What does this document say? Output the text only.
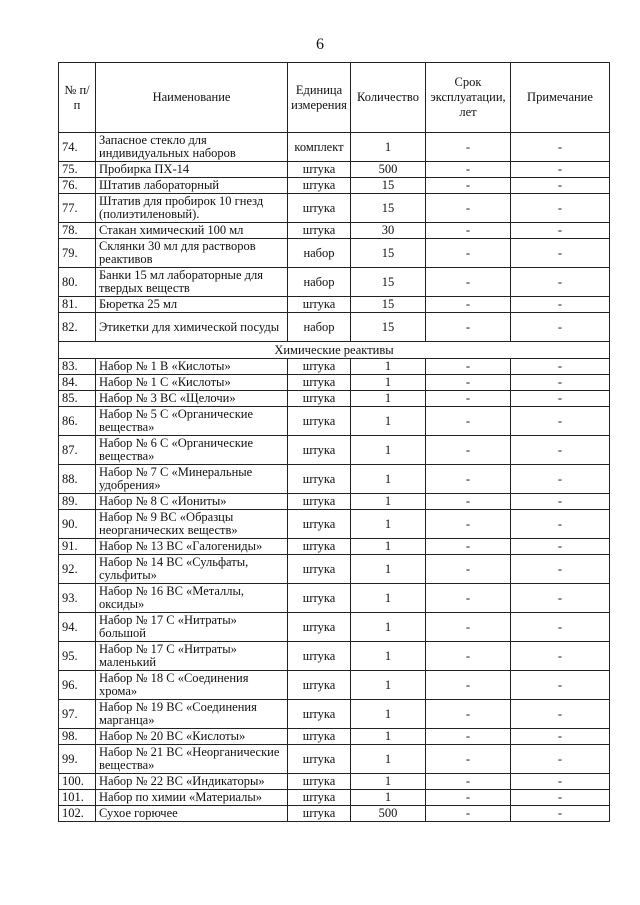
6
№ п/п	Наименование	Единица измерения	Количество	Срок эксплуатации, лет	Примечание
74.	Запасное стекло для индивидуальных наборов	комплект	1	-	-
75.	Пробирка ПХ-14	штука	500	-	-
76.	Штатив лабораторный	штука	15	-	-
77.	Штатив для пробирок 10 гнезд (полиэтиленовый).	штука	15	-	-
78.	Стакан химический 100 мл	штука	30	-	-
79.	Склянки 30 мл для растворов реактивов	набор	15	-	-
80.	Банки 15 мл лабораторные для твердых веществ	набор	15	-	-
81.	Бюретка 25 мл	штука	15	-	-
82.	Этикетки для химической посуды	набор	15	-	-
Химические реактивы					
83.	Набор № 1 В «Кислоты»	штука	1	-	-
84.	Набор № 1 С «Кислоты»	штука	1	-	-
85.	Набор № 3 ВС «Щелочи»	штука	1	-	-
86.	Набор № 5 С «Органические вещества»	штука	1	-	-
87.	Набор № 6 С «Органические вещества»	штука	1	-	-
88.	Набор № 7 С «Минеральные удобрения»	штука	1	-	-
89.	Набор № 8 С «Иониты»	штука	1	-	-
90.	Набор № 9 ВС «Образцы неорганических веществ»	штука	1	-	-
91.	Набор № 13 ВС «Галогениды»	штука	1	-	-
92.	Набор № 14 ВС «Сульфаты, сульфиты»	штука	1	-	-
93.	Набор № 16 ВС «Металлы, оксиды»	штука	1	-	-
94.	Набор № 17 С «Нитраты» большой	штука	1	-	-
95.	Набор № 17 С «Нитраты» маленький	штука	1	-	-
96.	Набор № 18 С «Соединения хрома»	штука	1	-	-
97.	Набор № 19 ВС «Соединения марганца»	штука	1	-	-
98.	Набор № 20 ВС «Кислоты»	штука	1	-	-
99.	Набор № 21 ВС «Неорганические вещества»	штука	1	-	-
100.	Набор № 22 ВС «Индикаторы»	штука	1	-	-
101.	Набор по химии «Материалы»	штука	1	-	-
102.	Сухое горючее	штука	500	-	-
